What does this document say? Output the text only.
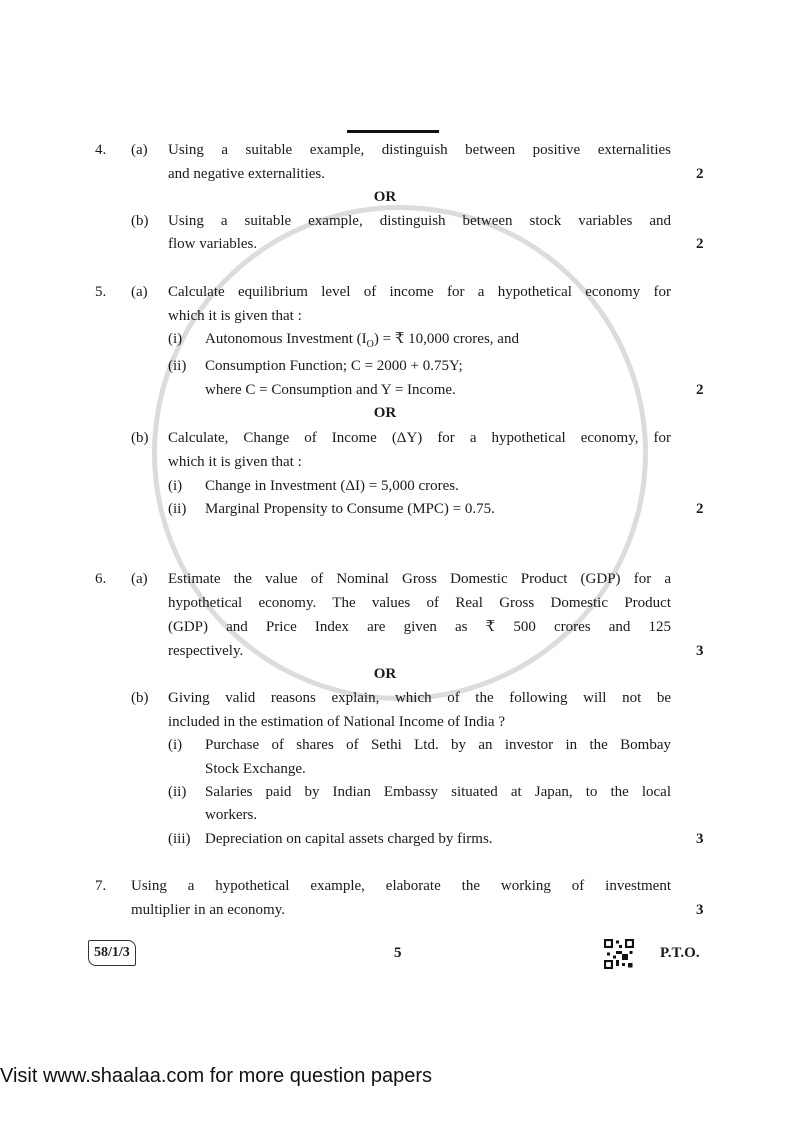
4. (a) Using a suitable example, distinguish between positive externalities
and negative externalities.	2
OR
(b) Using a suitable example, distinguish between stock variables and
flow variables.	2
5. (a) Calculate equilibrium level of income for a hypothetical economy for
which it is given that :
(i) Autonomous Investment $(I_O)$ = ₹ 10,000 crores, and
(ii) Consumption Function; C = 2000 + 0.75Y;
where C = Consumption and Y = Income.	2
OR
(b) Calculate, Change of Income (ΔY) for a hypothetical economy, for
which it is given that :
(i) Change in Investment (ΔI) = 5,000 crores.
(ii) Marginal Propensity to Consume (MPC) = 0.75.	2
6. (a) Estimate the value of Nominal Gross Domestic Product (GDP) for a
hypothetical economy. The values of Real Gross Domestic Product
(GDP) and Price Index are given as ₹ 500 crores and 125
respectively.	3
OR
(b) Giving valid reasons explain, which of the following will not be
included in the estimation of National Income of India ?
(i) Purchase of shares of Sethi Ltd. by an investor in the Bombay
Stock Exchange.
(ii) Salaries paid by Indian Embassy situated at Japan, to the local
workers.
(iii) Depreciation on capital assets charged by firms.	3
7. Using a hypothetical example, elaborate the working of investment
multiplier in an economy.	3
58/1/3	5	P.T.O.
Visit www.shaalaa.com for more question papers
